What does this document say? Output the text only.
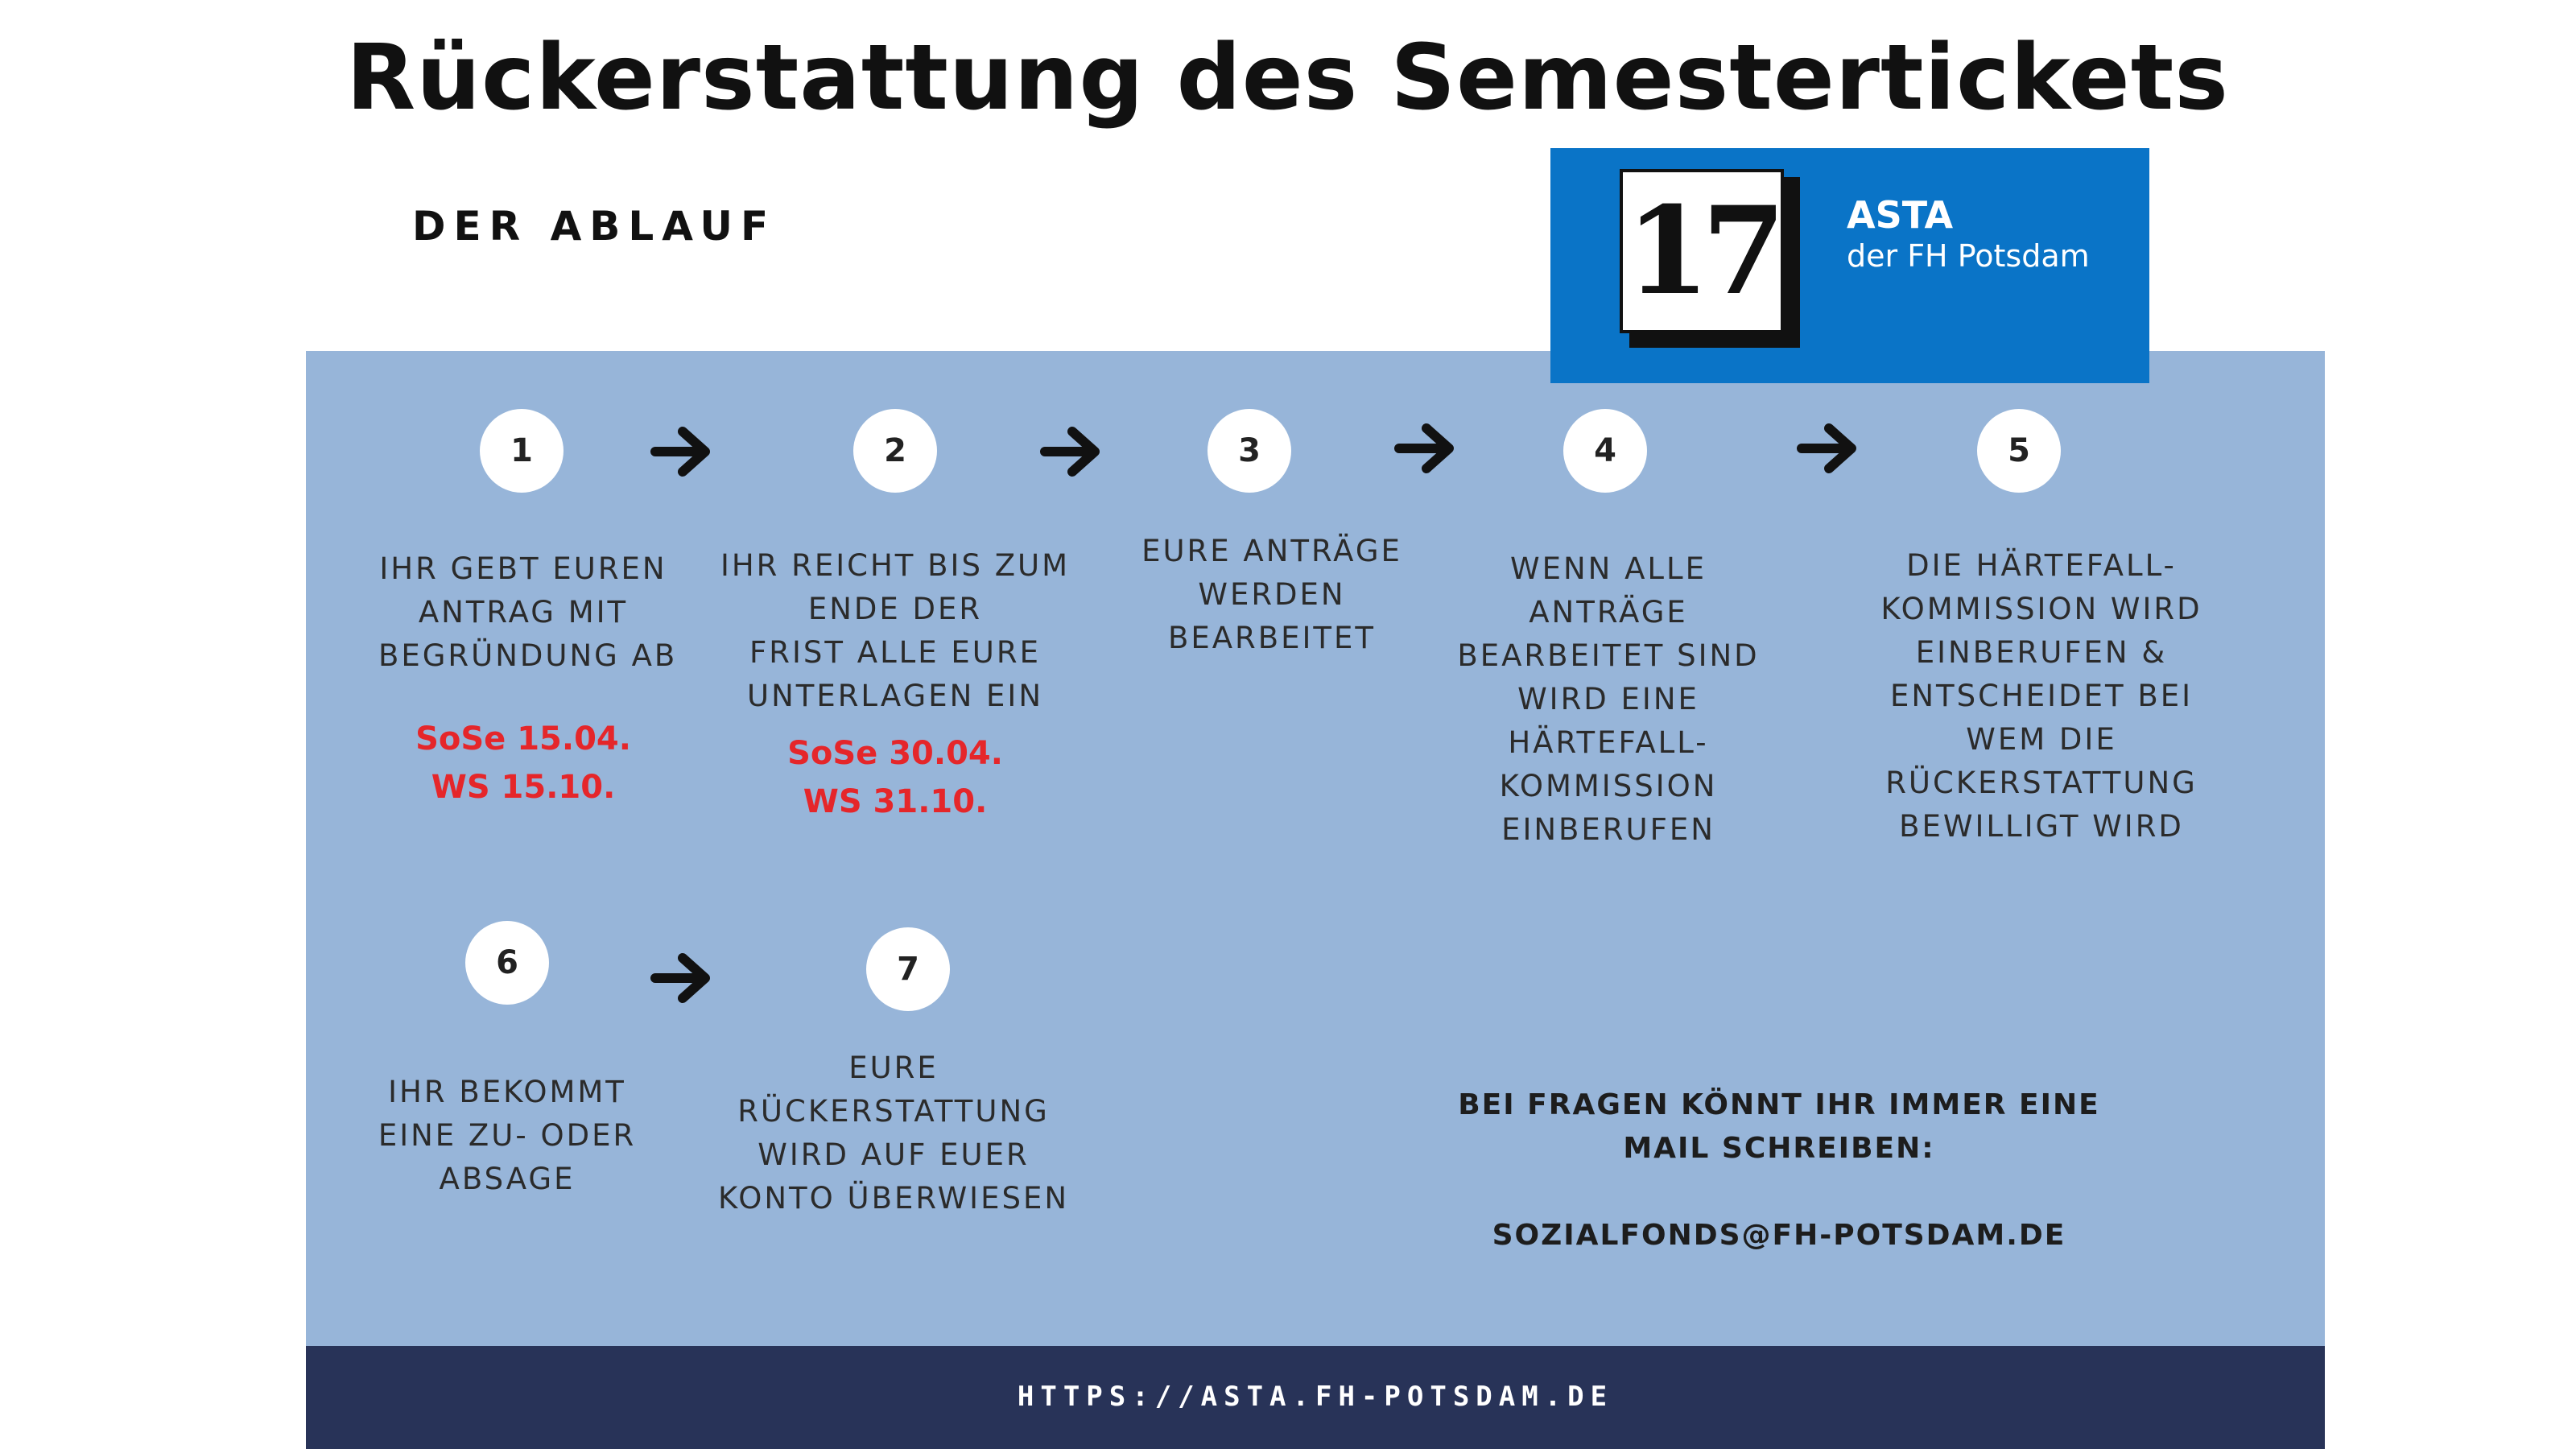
Rückerstattung des Semestertickets
DER ABLAUF
1
IHR GEBT EUREN
ANTRAG MIT
BEGRÜNDUNG AB
SoSe 15.04.
WS 15.10.
2
IHR REICHT BIS ZUM
ENDE DER
FRIST ALLE EURE
UNTERLAGEN EIN
SoSe 30.04.
WS 31.10.
3
EURE ANTRÄGE
WERDEN
BEARBEITET
4
WENN ALLE
ANTRÄGE
BEARBEITET SIND
WIRD EINE
HÄRTEFALL-
KOMMISSION
EINBERUFEN
5
DIE HÄRTEFALL-
KOMMISSION WIRD
EINBERUFEN &
ENTSCHEIDET BEI
WEM DIE
RÜCKERSTATTUNG
BEWILLIGT WIRD
6
IHR BEKOMMT
EINE ZU- ODER
ABSAGE
7
EURE
RÜCKERSTATTUNG
WIRD AUF EUER
KONTO ÜBERWIESEN
BEI FRAGEN KÖNNT IHR IMMER EINE
MAIL SCHREIBEN:
SOZIALFONDS@FH-POTSDAM.DE
17 ASTA
der FH Potsdam
HTTPS://ASTA.FH-POTSDAM.DE
